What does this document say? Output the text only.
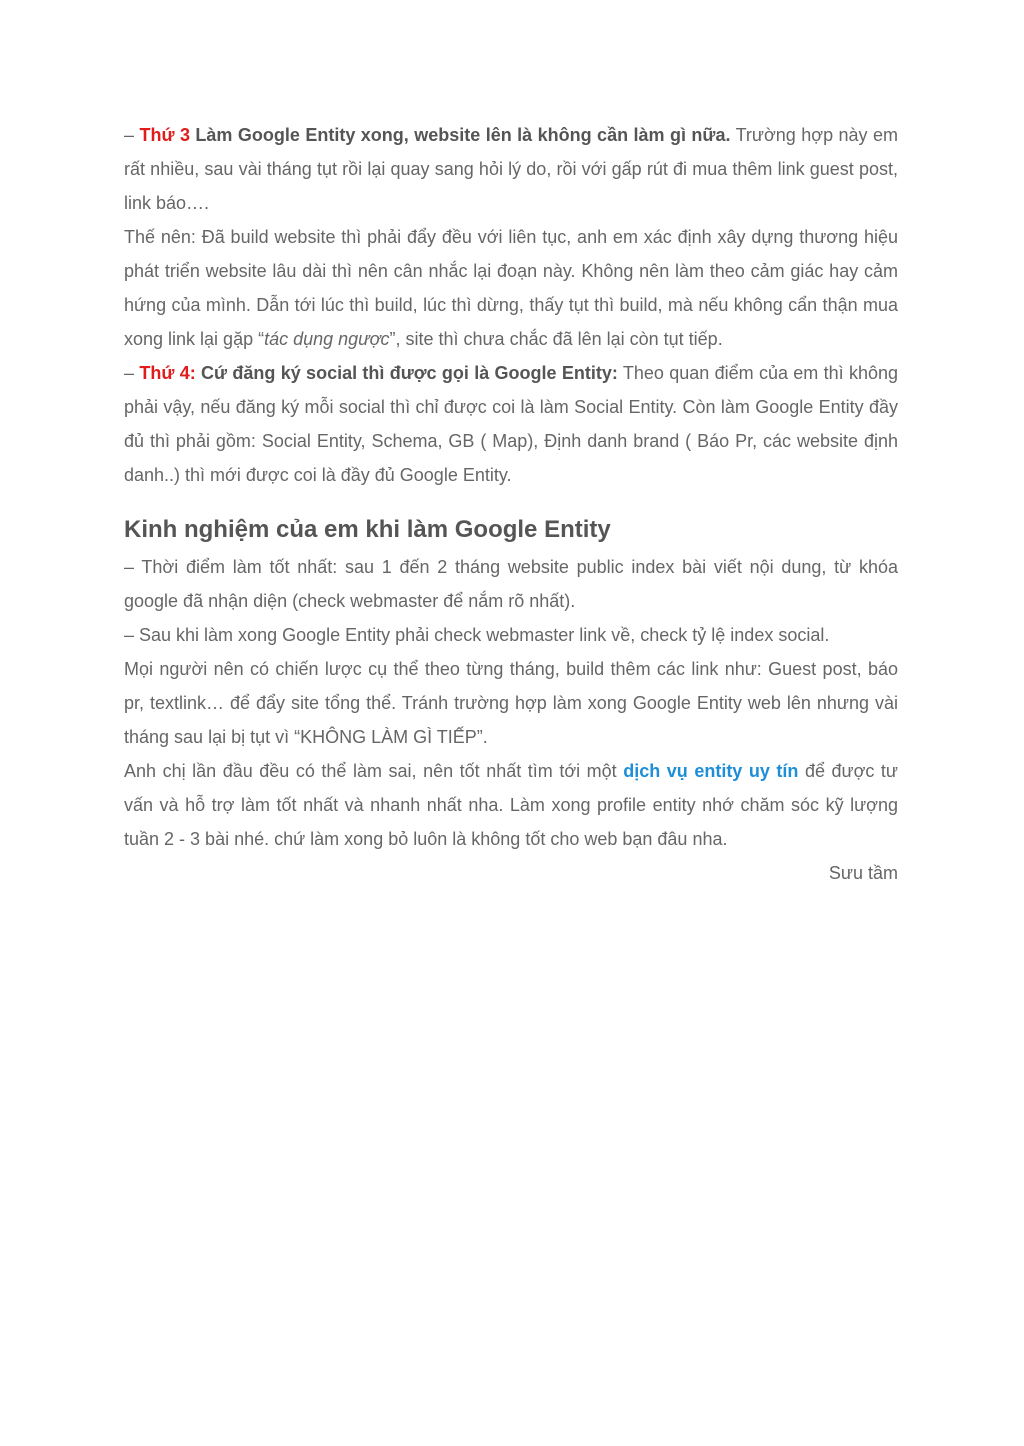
– Thứ 3 Làm Google Entity xong, website lên là không cần làm gì nữa. Trường hợp này em rất nhiều, sau vài tháng tụt rồi lại quay sang hỏi lý do, rồi với gấp rút đi mua thêm link guest post, link báo….

Thế nên: Đã build website thì phải đẩy đều với liên tục, anh em xác định xây dựng thương hiệu phát triển website lâu dài thì nên cân nhắc lại đoạn này. Không nên làm theo cảm giác hay cảm hứng của mình. Dẫn tới lúc thì build, lúc thì dừng, thấy tụt thì build, mà nếu không cẩn thận mua xong link lại gặp “tác dụng ngược”, site thì chưa chắc đã lên lại còn tụt tiếp.

– Thứ 4: Cứ đăng ký social thì được gọi là Google Entity: Theo quan điểm của em thì không phải vậy, nếu đăng ký mỗi social thì chỉ được coi là làm Social Entity. Còn làm Google Entity đầy đủ thì phải gồm: Social Entity, Schema, GB ( Map), Định danh brand ( Báo Pr, các website định danh..) thì mới được coi là đầy đủ Google Entity.

Kinh nghiệm của em khi làm Google Entity

– Thời điểm làm tốt nhất: sau 1 đến 2 tháng website public index bài viết nội dung, từ khóa google đã nhận diện (check webmaster để nắm rõ nhất).

– Sau khi làm xong Google Entity phải check webmaster link về, check tỷ lệ index social.

Mọi người nên có chiến lược cụ thể theo từng tháng, build thêm các link như: Guest post, báo pr, textlink… để đẩy site tổng thể. Tránh trường hợp làm xong Google Entity web lên nhưng vài tháng sau lại bị tụt vì “KHÔNG LÀM GÌ TIẾP”.

Anh chị lần đầu đều có thể làm sai, nên tốt nhất tìm tới một dịch vụ entity uy tín để được tư vấn và hỗ trợ làm tốt nhất và nhanh nhất nha. Làm xong profile entity nhớ chăm sóc kỹ lượng tuần 2 - 3 bài nhé. chứ làm xong bỏ luôn là không tốt cho web bạn đâu nha.

Sưu tầm
